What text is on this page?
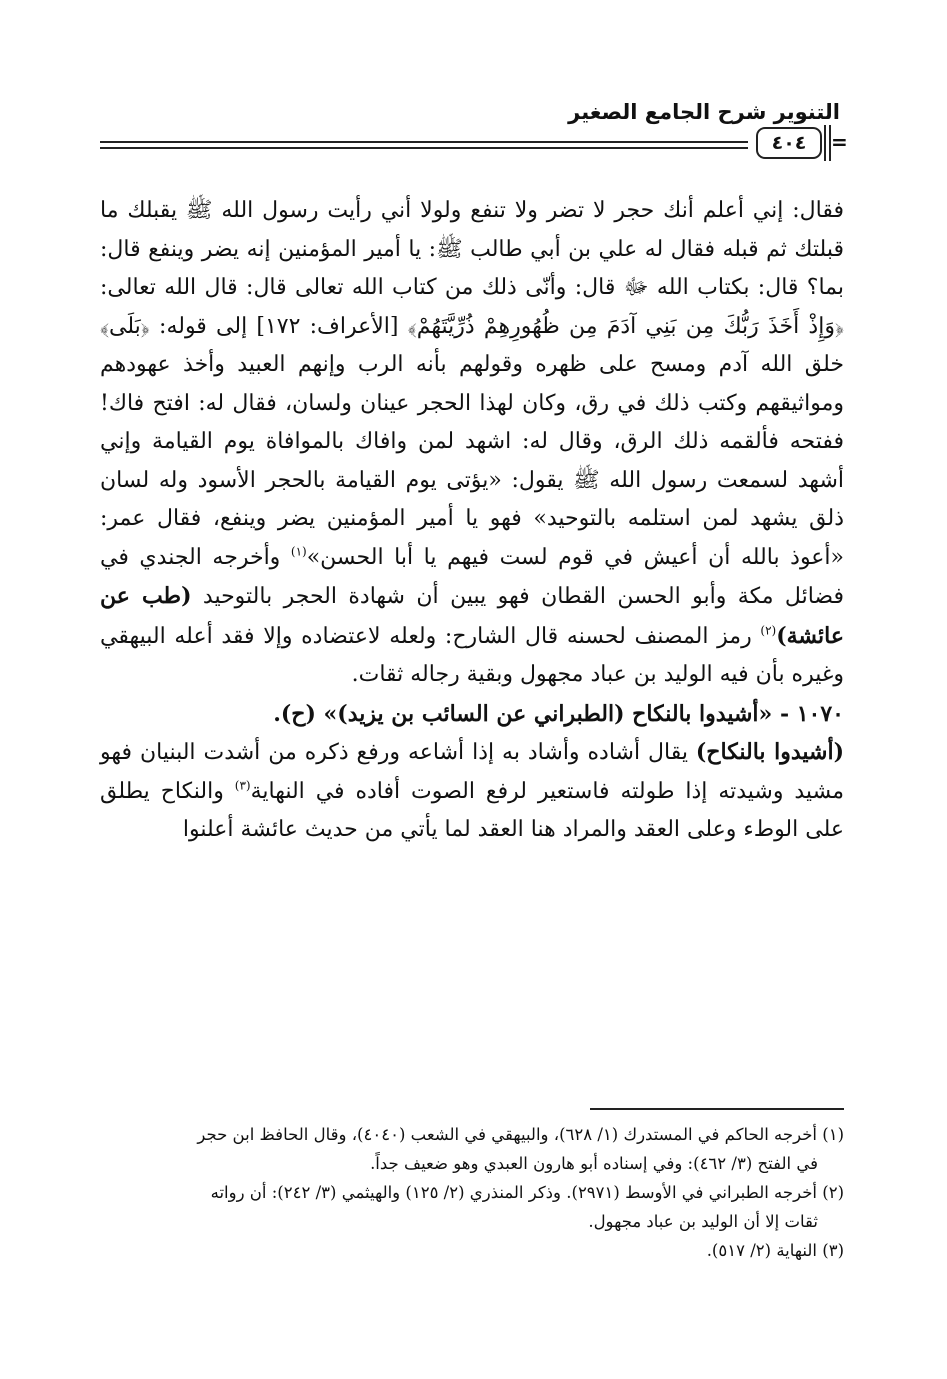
التنوير شرح الجامع الصغير
٤٠٤	=

فقال: إني أعلم أنك حجر لا تضر ولا تنفع ولولا أني رأيت رسول الله ﷺ يقبلك ما قبلتك ثم قبله فقال له علي بن أبي طالب ﷺ: يا أمير المؤمنين إنه يضر وينفع قال: بما؟ قال: بكتاب الله ﷻ قال: وأنّى ذلك من كتاب الله تعالى قال: قال الله تعالى: ﴿وَإِذْ أَخَذَ رَبُّكَ مِن بَنِي آدَمَ مِن ظُهُورِهِمْ ذُرِّيَّتَهُمْ﴾ [الأعراف: ١٧٢] إلى قوله: ﴿بَلَى﴾ خلق الله آدم ومسح على ظهره وقولهم بأنه الرب وإنهم العبيد وأخذ عهودهم ومواثيقهم وكتب ذلك في رق، وكان لهذا الحجر عينان ولسان، فقال له: افتح فاك! ففتحه فألقمه ذلك الرق، وقال له: اشهد لمن وافاك بالموافاة يوم القيامة وإني أشهد لسمعت رسول الله ﷺ يقول: «يؤتى يوم القيامة بالحجر الأسود وله لسان ذلق يشهد لمن استلمه بالتوحيد» فهو يا أمير المؤمنين يضر وينفع، فقال عمر: «أعوذ بالله أن أعيش في قوم لست فيهم يا أبا الحسن»$^{(١)}$ وأخرجه الجندي في فضائل مكة وأبو الحسن القطان فهو يبين أن شهادة الحجر بالتوحيد (طب عن عائشة)$^{(٢)}$ رمز المصنف لحسنه قال الشارح: ولعله لاعتضاده وإلا فقد أعله البيهقي وغيره بأن فيه الوليد بن عباد مجهول وبقية رجاله ثقات.

١٠٧٠ - «أشيدوا بالنكاح (الطبراني عن السائب بن يزيد)» (ح).

(أشيدوا بالنكاح) يقال أشاده وأشاد به إذا أشاعه ورفع ذكره من أشدت البنيان فهو مشيد وشيدته إذا طولته فاستعير لرفع الصوت أفاده في النهاية$^{(٣)}$ والنكاح يطلق على الوطء وعلى العقد والمراد هنا العقد لما يأتي من حديث عائشة أعلنوا

(١) أخرجه الحاكم في المستدرك (١/ ٦٢٨)، والبيهقي في الشعب (٤٠٤٠)، وقال الحافظ ابن حجر

في الفتح (٣/ ٤٦٢): وفي إسناده أبو هارون العبدي وهو ضعيف جداً.

(٢) أخرجه الطبراني في الأوسط (٢٩٧١). وذكر المنذري (٢/ ١٢٥) والهيثمي (٣/ ٢٤٢): أن رواته

ثقات إلا أن الوليد بن عباد مجهول.

(٣) النهاية (٢/ ٥١٧).
